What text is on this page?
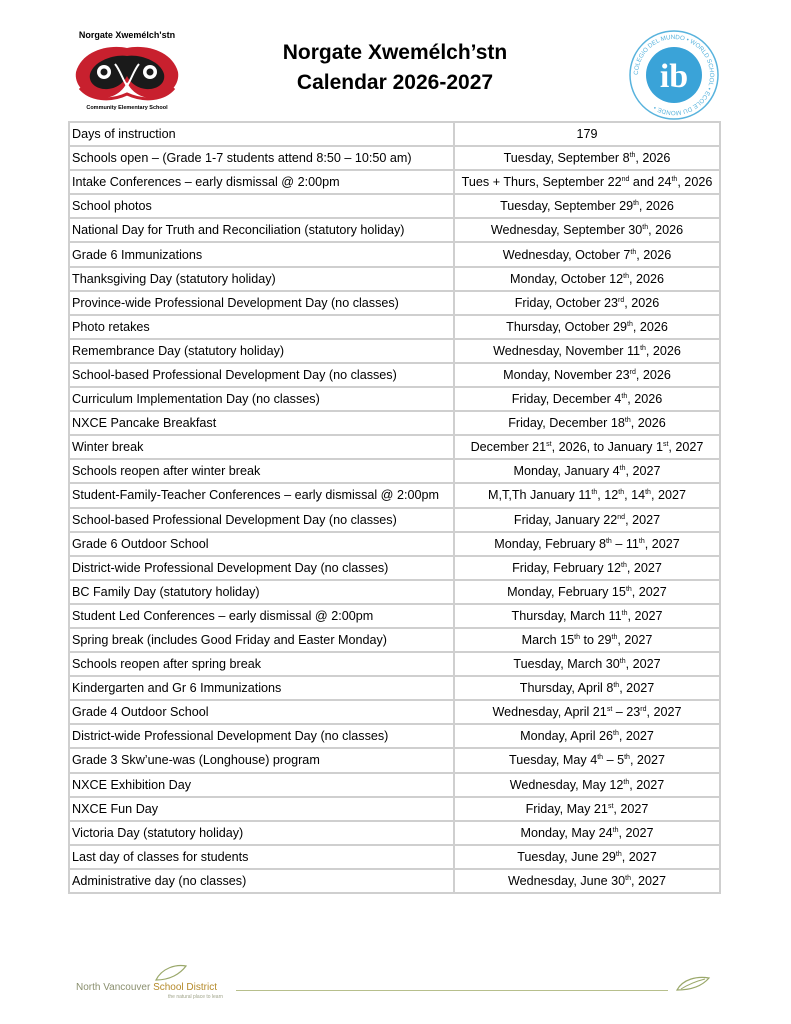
Norgate Xwemélch'stn
Community Elementary School
Norgate Xwemélch’stn
Calendar 2026-2027	COLEGIO DEL MUNDO • WORLD SCHOOL • ÉCOLE DU MONDE •
ib
Days of instruction	179
Schools open – (Grade 1-7 students attend 8:50 – 10:50 am)	Tuesday, September 8th, 2026
Intake Conferences – early dismissal @ 2:00pm	Tues + Thurs, September 22nd and 24th, 2026
School photos	Tuesday, September 29th, 2026
National Day for Truth and Reconciliation (statutory holiday)	Wednesday, September 30th, 2026
Grade 6 Immunizations	Wednesday, October 7th, 2026
Thanksgiving Day (statutory holiday)	Monday, October 12th, 2026
Province-wide Professional Development Day (no classes)	Friday, October 23rd, 2026
Photo retakes	Thursday, October 29th, 2026
Remembrance Day (statutory holiday)	Wednesday, November 11th, 2026
School-based Professional Development Day (no classes)	Monday, November 23rd, 2026
Curriculum Implementation Day (no classes)	Friday, December 4th, 2026
NXCE Pancake Breakfast	Friday, December 18th, 2026
Winter break	December 21st, 2026, to January 1st, 2027
Schools reopen after winter break	Monday, January 4th, 2027
Student-Family-Teacher Conferences – early dismissal @ 2:00pm	M,T,Th January 11th, 12th, 14th, 2027
School-based Professional Development Day (no classes)	Friday, January 22nd, 2027
Grade 6 Outdoor School	Monday, February 8th – 11th, 2027
District-wide Professional Development Day (no classes)	Friday, February 12th, 2027
BC Family Day (statutory holiday)	Monday, February 15th, 2027
Student Led Conferences – early dismissal @ 2:00pm	Thursday, March 11th, 2027
Spring break (includes Good Friday and Easter Monday)	March 15th to 29th, 2027
Schools reopen after spring break	Tuesday, March 30th, 2027
Kindergarten and Gr 6 Immunizations	Thursday, April 8th, 2027
Grade 4 Outdoor School	Wednesday, April 21st – 23rd, 2027
District-wide Professional Development Day (no classes)	Monday, April 26th, 2027
Grade 3 Skw’une-was (Longhouse) program	Tuesday, May 4th – 5th, 2027
NXCE Exhibition Day	Wednesday, May 12th, 2027
NXCE Fun Day	Friday, May 21st, 2027
Victoria Day (statutory holiday)	Monday, May 24th, 2027
Last day of classes for students	Tuesday, June 29th, 2027
Administrative day (no classes)	Wednesday, June 30th, 2027
North Vancouver School District
the natural place to learn
